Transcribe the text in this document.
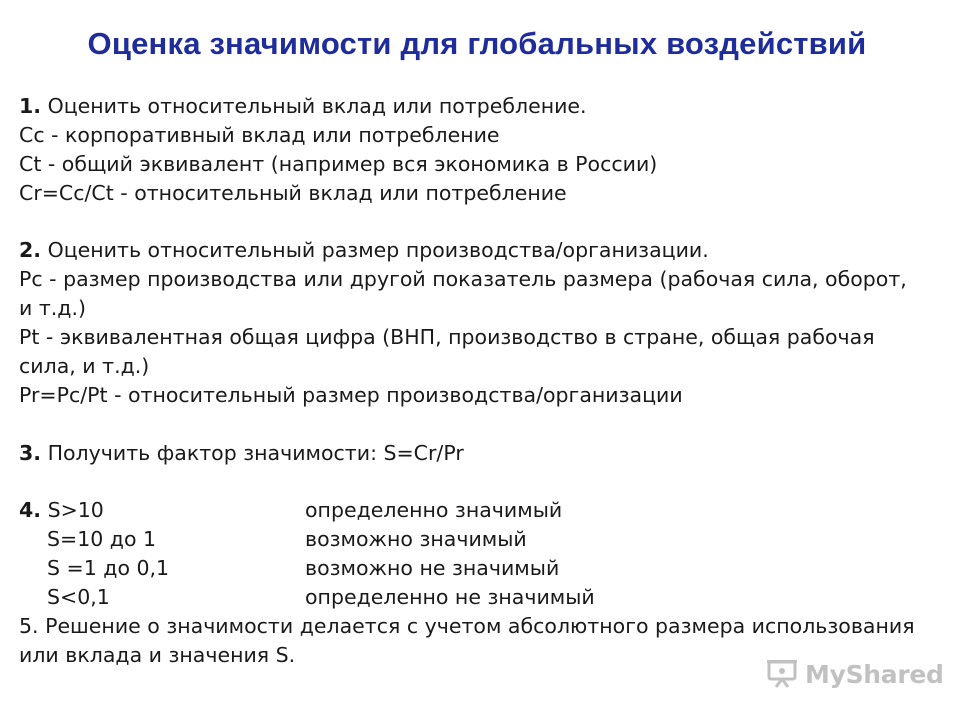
Оценка значимости для глобальных воздействий
1. Оценить относительный вклад или потребление.
Cc - корпоративный вклад или потребление
Ct - общий эквивалент (например вся экономика в России)
Cr=Cc/Ct - относительный вклад или потребление
2. Оценить относительный размер производства/организации.
Pc - размер производства или другой показатель размера (рабочая сила, оборот,
и т.д.)
Pt - эквивалентная общая цифра (ВНП, производство в стране, общая рабочая
сила, и т.д.)
Pr=Pc/Pt - относительный размер производства/организации
3. Получить фактор значимости: S=Cr/Pr
4. S>10	определенно значимый
S=10 до 1	возможно значимый
S =1 до 0,1	возможно не значимый
S<0,1	определенно не значимый
5. Решение о значимости делается с учетом абсолютного размера использования
или вклада и значения S.
MyShared
